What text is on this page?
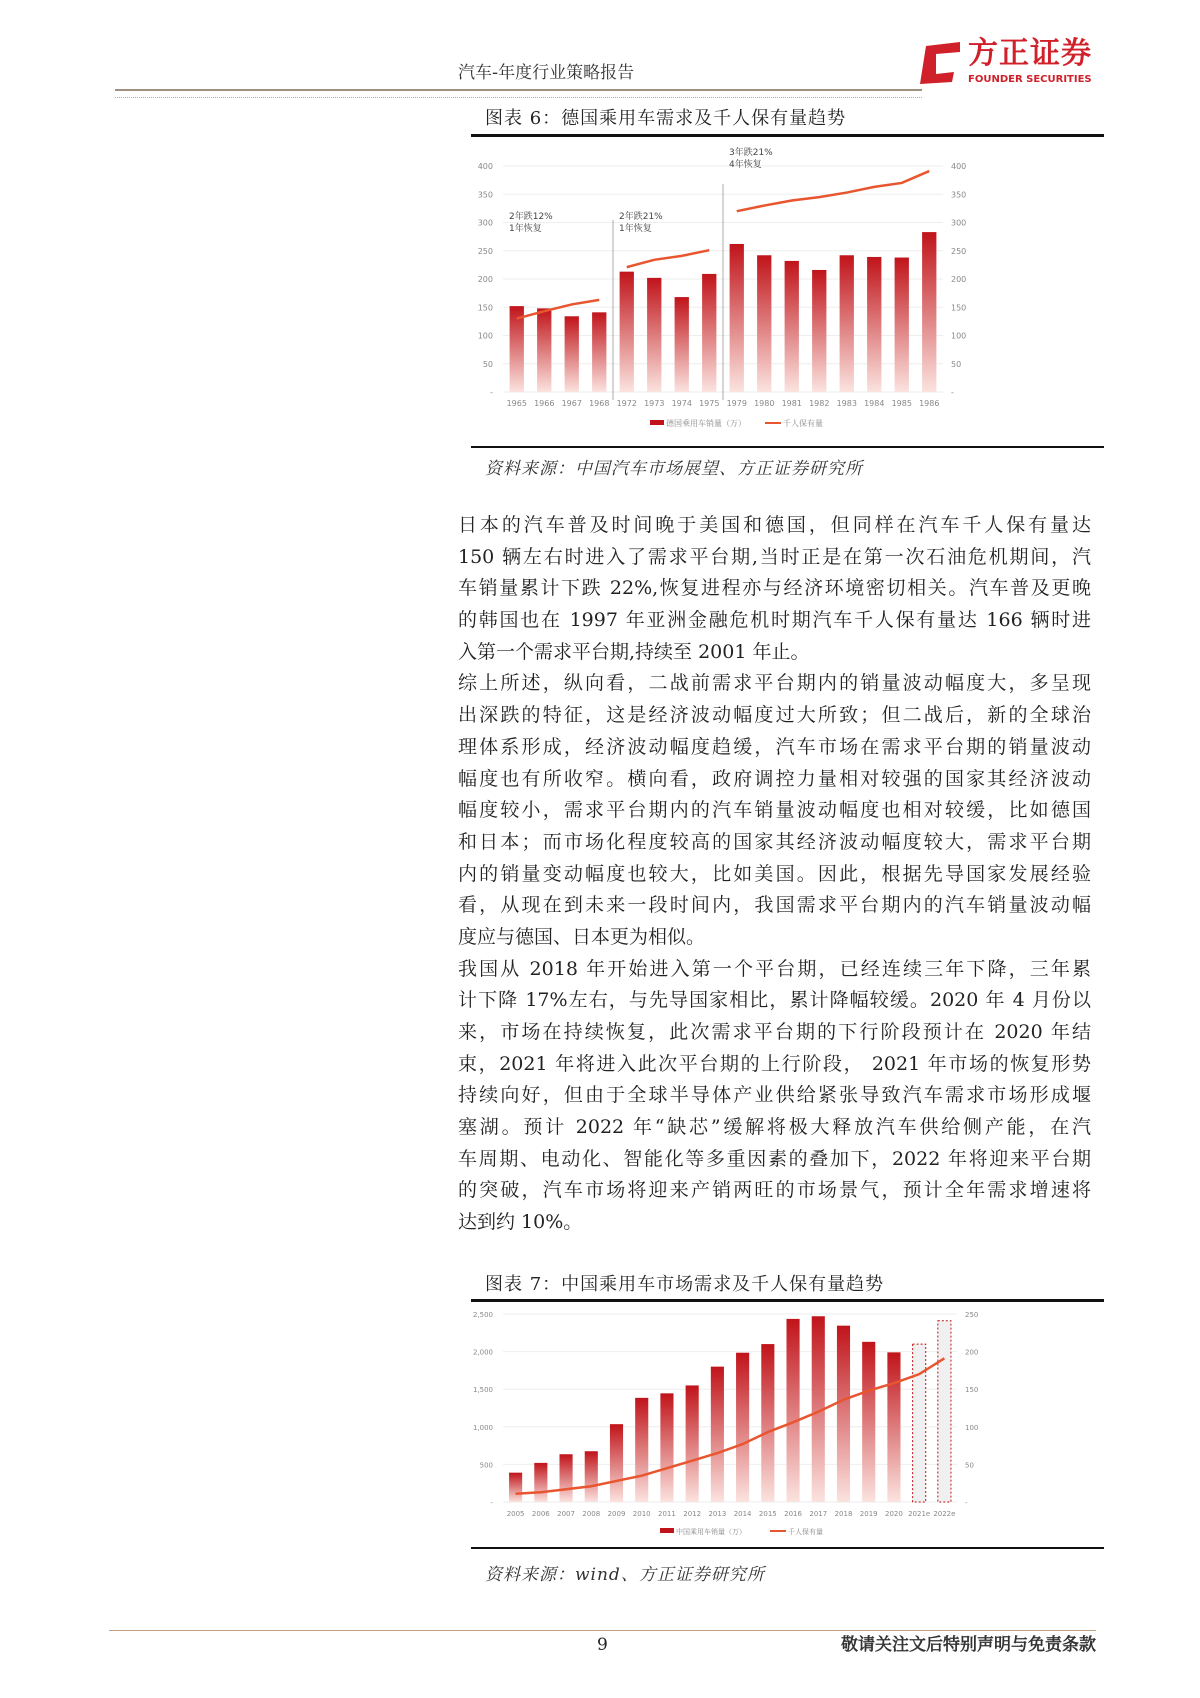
汽车-年度行业策略报告
方正证券
FOUNDER SECURITIES
图表 6：德国乘用车需求及千人保有量趋势
-
50
100
150
200
250
300
350
400
-
50
100
150
200
250
300
350
400
1965 1966 1967 1968 1972 1973 1974 1975 1979 1980 1981 1982 1983 1984 1985 1986
德国乘用车销量（万）	千人保有量
2年跌12%
1年恢复
2年跌21%
1年恢复
3年跌21%
4年恢复
资料来源：中国汽车市场展望、方正证券研究所
日本的汽车普及时间晚于美国和德国，但同样在汽车千人保有量达
150 辆左右时进入了需求平台期,当时正是在第一次石油危机期间，汽
车销量累计下跌 22%,恢复进程亦与经济环境密切相关。汽车普及更晚
的韩国也在 1997 年亚洲金融危机时期汽车千人保有量达 166 辆时进
入第一个需求平台期,持续至 2001 年止。
综上所述，纵向看，二战前需求平台期内的销量波动幅度大，多呈现
出深跌的特征，这是经济波动幅度过大所致；但二战后，新的全球治
理体系形成，经济波动幅度趋缓，汽车市场在需求平台期的销量波动
幅度也有所收窄。横向看，政府调控力量相对较强的国家其经济波动
幅度较小，需求平台期内的汽车销量波动幅度也相对较缓，比如德国
和日本；而市场化程度较高的国家其经济波动幅度较大，需求平台期
内的销量变动幅度也较大，比如美国。因此，根据先导国家发展经验
看，从现在到未来一段时间内，我国需求平台期内的汽车销量波动幅
度应与德国、日本更为相似。
我国从 2018 年开始进入第一个平台期，已经连续三年下降，三年累
计下降 17%左右，与先导国家相比，累计降幅较缓。2020 年 4 月份以
来，市场在持续恢复，此次需求平台期的下行阶段预计在 2020 年结
束，2021 年将进入此次平台期的上行阶段， 2021 年市场的恢复形势
持续向好，但由于全球半导体产业供给紧张导致汽车需求市场形成堰
塞湖。预计 2022 年“缺芯”缓解将极大释放汽车供给侧产能，在汽
车周期、电动化、智能化等多重因素的叠加下，2022 年将迎来平台期
的突破，汽车市场将迎来产销两旺的市场景气，预计全年需求增速将
达到约 10%。
图表 7：中国乘用车市场需求及千人保有量趋势
-
500
1,000
1,500
2,000
2,500
-
50
100
150
200
250
2005 2006 2007 2008 2009 2010 2011 2012 2013 2014 2015 2016 2017 2018 2019 2020 2021e 2022e
中国乘用车销量（万）	千人保有量
资料来源：wind、方正证券研究所
9	敬请关注文后特别声明与免责条款
